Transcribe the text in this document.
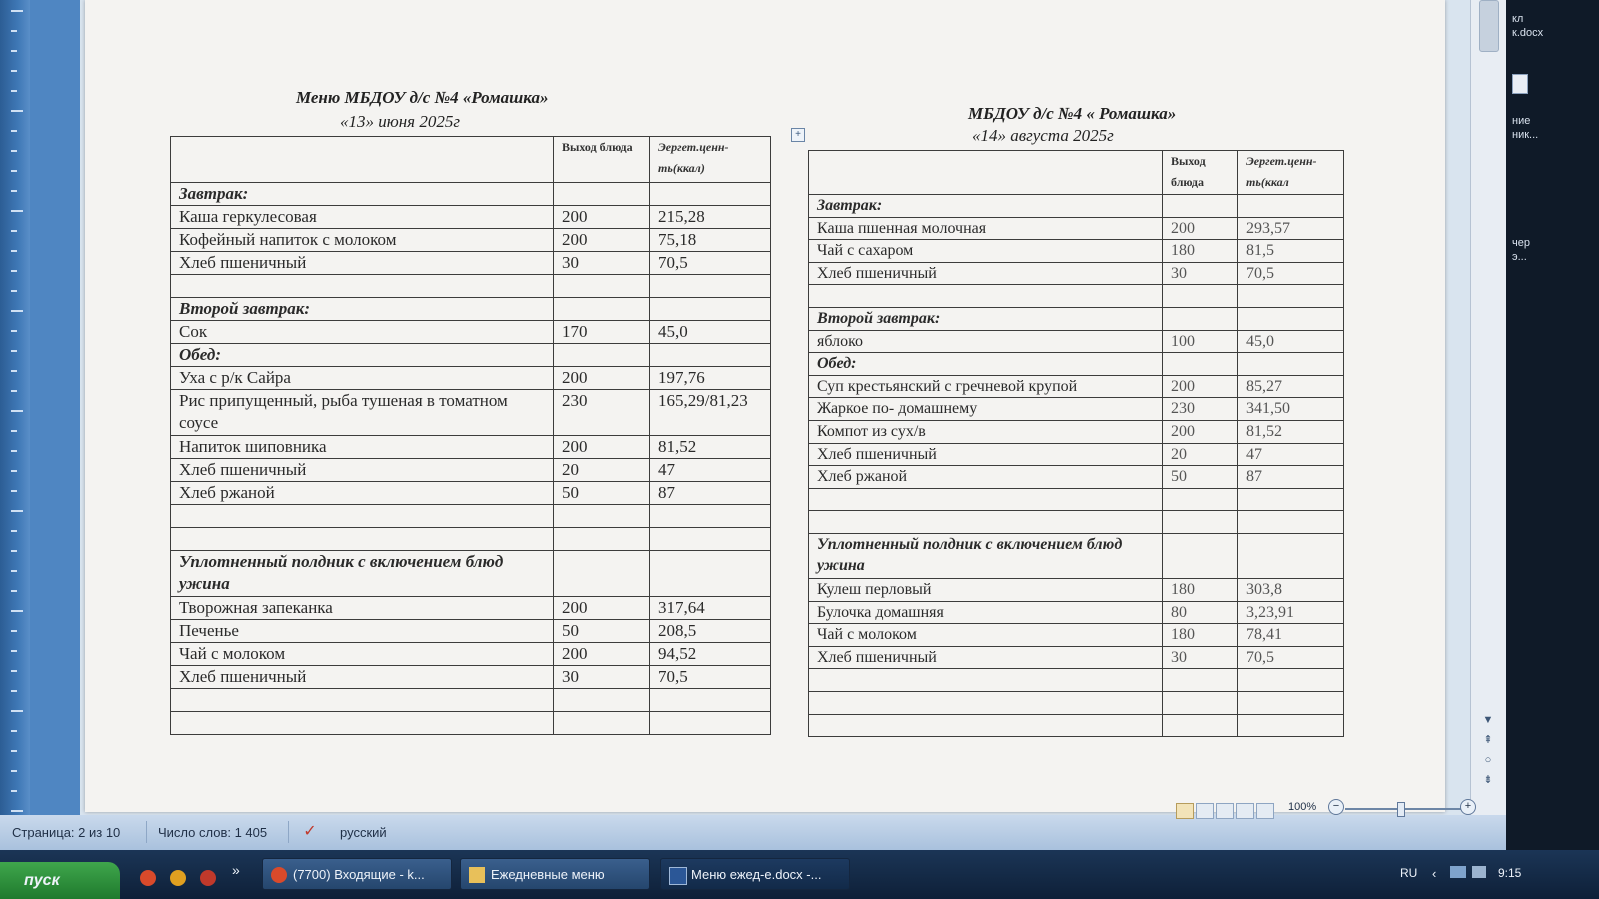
Меню МБДОУ д/с №4 «Ромашка»
«13» июня 2025г
	Выход блюда	Эергет.ценн-ть(ккал)
Завтрак:		
Каша геркулесовая	200	215,28
Кофейный напиток с молоком	200	75,18
Хлеб пшеничный	30	70,5

Второй завтрак:		
Сок	170	45,0
Обед:		
Уха с р/к Сайра	200	197,76
Рис припущенный, рыба тушеная в томатном соусе	230	165,29/81,23
Напиток шиповника	200	81,52
Хлеб пшеничный	20	47
Хлеб ржаной	50	87

Уплотненный полдник с включением блюд ужина		
Творожная запеканка	200	317,64
Печенье	50	208,5
Чай с молоком	200	94,52
Хлеб пшеничный	30	70,5

+
МБДОУ д/с №4 « Ромашка»
«14» августа 2025г
	Выход блюда	Эергет.ценн-ть(ккал
Завтрак:		
Каша пшенная молочная	200	293,57
Чай с сахаром	180	81,5
Хлеб пшеничный	30	70,5

Второй завтрак:		
яблоко	100	45,0
Обед:		
Суп крестьянский с гречневой крупой	200	85,27
Жаркое по- домашнему	230	341,50
Компот из сух/в	200	81,52
Хлеб пшеничный	20	47
Хлеб ржаной	50	87

Уплотненный полдник с включением блюд ужина		
Кулеш перловый	180	303,8
Булочка домашняя	80	3,23,91
Чай с молоком	180	78,41
Хлеб пшеничный	30	70,5

▼
⇞
○
⇟
кл
к.docx
ние
ник...
чер
э...
Страница: 2 из 10	Число слов: 1 405 ✓ русский
100%	−	+
пуск
»	(7700) Входящие - k...	Ежедневные меню	Меню ежед-е.docx -...	RU ‹	9:15
